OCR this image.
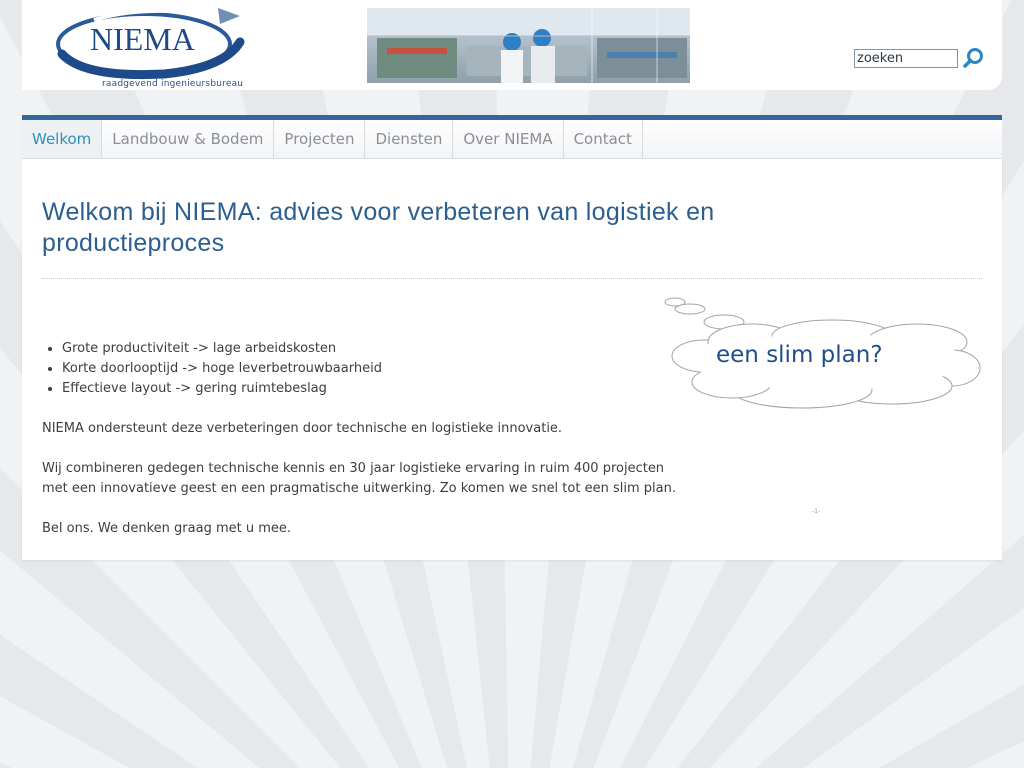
NIEMA
raadgevend ingenieursbureau
zoeken
Welkom	Landbouw & Bodem	Projecten	Diensten	Over NIEMA	Contact
Welkom bij NIEMA: advies voor verbeteren van logistiek en productieproces
een slim plan?
• Grote productiviteit -> lage arbeidskosten
• Korte doorlooptijd -> hoge leverbetrouwbaarheid
• Effectieve layout -> gering ruimtebeslag

NIEMA ondersteunt deze verbeteringen door technische en logistieke innovatie.

Wij combineren gedegen technische kennis en 30 jaar logistieke ervaring in ruim 400 projecten met een innovatieve geest en een pragmatische uitwerking. Zo komen we snel tot een slim plan.

Bel ons. We denken graag met u mee.

-1-
